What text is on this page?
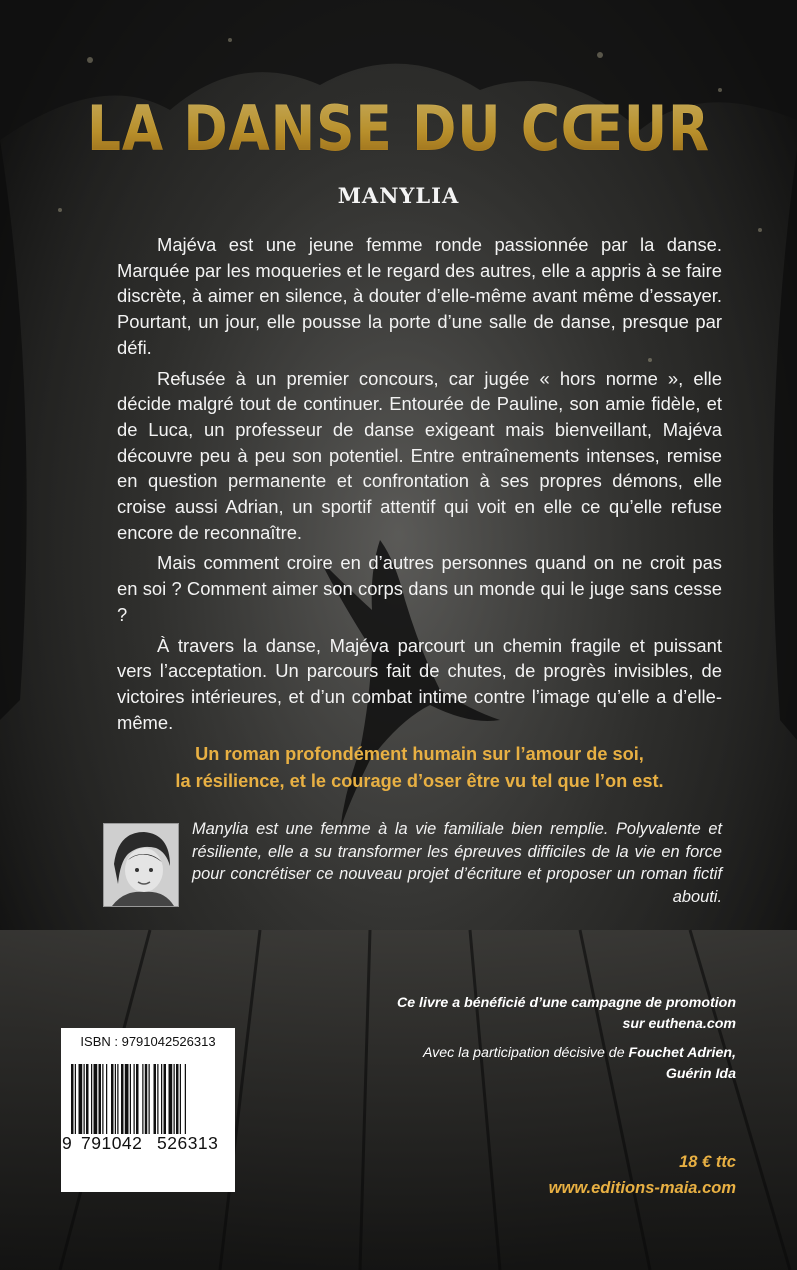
LA DANSE DU CŒUR
MANYLIA

Majéva est une jeune femme ronde passionnée par la danse. Marquée par les moqueries et le regard des autres, elle a appris à se faire discrète, à aimer en silence, à douter d’elle-même avant même d’essayer. Pourtant, un jour, elle pousse la porte d’une salle de danse, presque par défi.

Refusée à un premier concours, car jugée « hors norme », elle décide malgré tout de continuer. Entourée de Pauline, son amie fidèle, et de Luca, un professeur de danse exigeant mais bienveillant, Majéva découvre peu à peu son potentiel. Entre entraînements intenses, remise en question permanente et confrontation à ses propres démons, elle croise aussi Adrian, un sportif attentif qui voit en elle ce qu’elle refuse encore de reconnaître.

Mais comment croire en d’autres personnes quand on ne croit pas en soi ? Comment aimer son corps dans un monde qui le juge sans cesse ?

À travers la danse, Majéva parcourt un chemin fragile et puissant vers l’acceptation. Un parcours fait de chutes, de progrès invisibles, de victoires intérieures, et d’un combat intime contre l’image qu’elle a d’elle-même.

Un roman profondément humain sur l’amour de soi,
la résilience, et le courage d’oser être vu tel que l’on est.
Manylia est une femme à la vie familiale bien remplie. Polyvalente et résiliente, elle a su transformer les épreuves difficiles de la vie en force pour concrétiser ce nouveau projet d’écriture et proposer un roman fictif abouti.
Ce livre a bénéficié d’une campagne de promotion
sur euthena.com
Avec la participation décisive de Fouchet Adrien,
Guérin Ida
18 € ttc
www.editions-maia.com
ISBN : 9791042526313
9 791042 526313
